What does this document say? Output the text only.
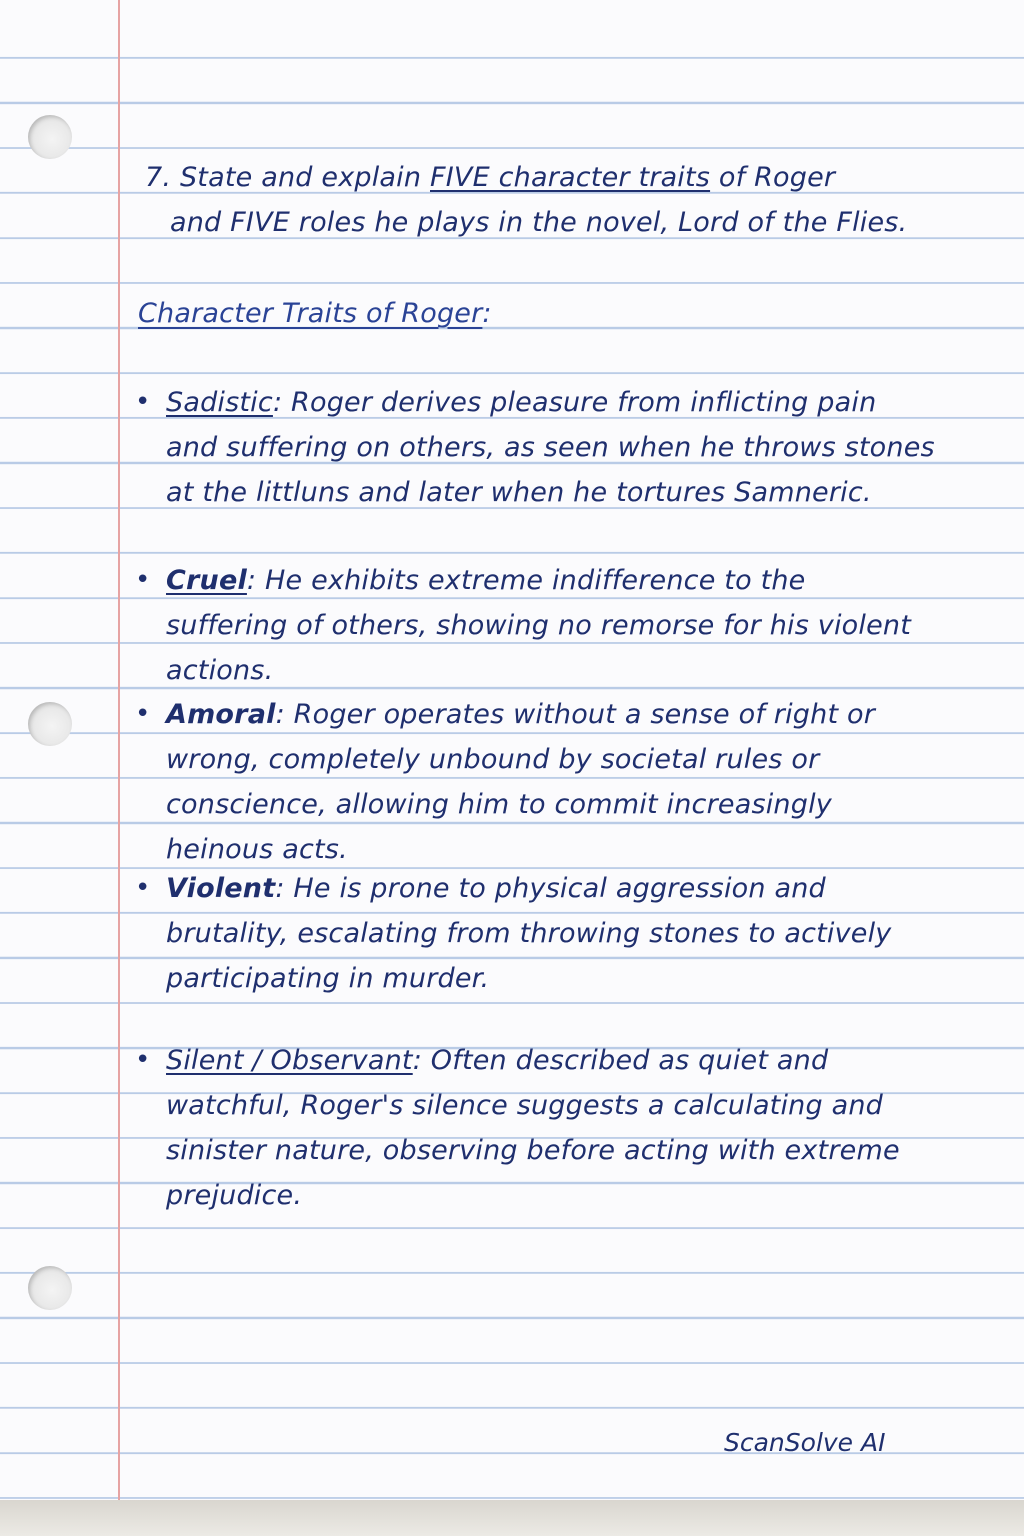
7. State and explain FIVE character traits of Roger
and FIVE roles he plays in the novel, Lord of the Flies.
Character Traits of Roger:
• Sadistic: Roger derives pleasure from inflicting pain and suffering on others, as seen when he throws stones at the littluns and later when he tortures Samneric.
• Cruel: He exhibits extreme indifference to the suffering of others, showing no remorse for his violent actions.
• Amoral: Roger operates without a sense of right or wrong, completely unbound by societal rules or conscience, allowing him to commit increasingly heinous acts.
• Violent: He is prone to physical aggression and brutality, escalating from throwing stones to actively participating in murder.
• Silent / Observant: Often described as quiet and watchful, Roger's silence suggests a calculating and sinister nature, observing before acting with extreme prejudice.
ScanSolve AI
